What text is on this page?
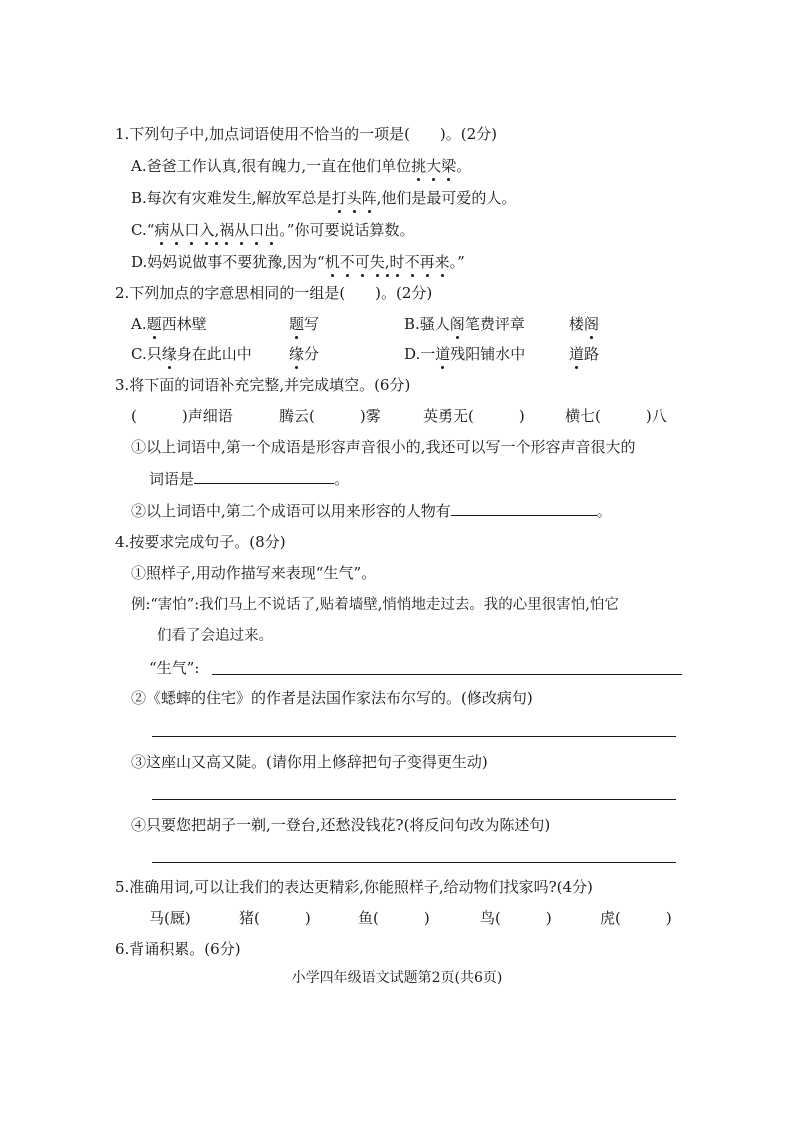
1.下列句子中,加点词语使用不恰当的一项是(　　)。(2分)
A.爸爸工作认真,很有魄力,一直在他们单位挑大梁。
B.每次有灾难发生,解放军总是打头阵,他们是最可爱的人。
C.“病从口入,祸从口出。”你可要说话算数。
D.妈妈说做事不要犹豫,因为“机不可失,时不再来。”
2.下列加点的字意思相同的一组是(　　)。(2分)
A.题西林壁	题写	B.骚人阁笔费评章	楼阁
C.只缘身在此山中 缘分	D.一道残阳铺水中	道路
3.将下面的词语补充完整,并完成填空。(6分)
(　　　)声细语	腾云(　　　)雾	英勇无(　　　)	横七(　　　)八
①以上词语中,第一个成语是形容声音很小的,我还可以写一个形容声音很大的
词语是	。
②以上词语中,第二个成语可以用来形容的人物有	。
4.按要求完成句子。(8分)
①照样子,用动作描写来表现“生气”。
例:“害怕”:我们马上不说话了,贴着墙壁,悄悄地走过去。我的心里很害怕,怕它
们看了会追过来。
“生气”:
②《蟋蟀的住宅》的作者是法国作家法布尔写的。(修改病句)
③这座山又高又陡。(请你用上修辞把句子变得更生动)
④只要您把胡子一剃,一登台,还愁没钱花?(将反问句改为陈述句)
5.准确用词,可以让我们的表达更精彩,你能照样子,给动物们找家吗?(4分)
马(厩)	猪(　　　)	鱼(　　　)	鸟(　　　)	虎(　　　)
6.背诵积累。(6分)
小学四年级语文试题第2页(共6页)
